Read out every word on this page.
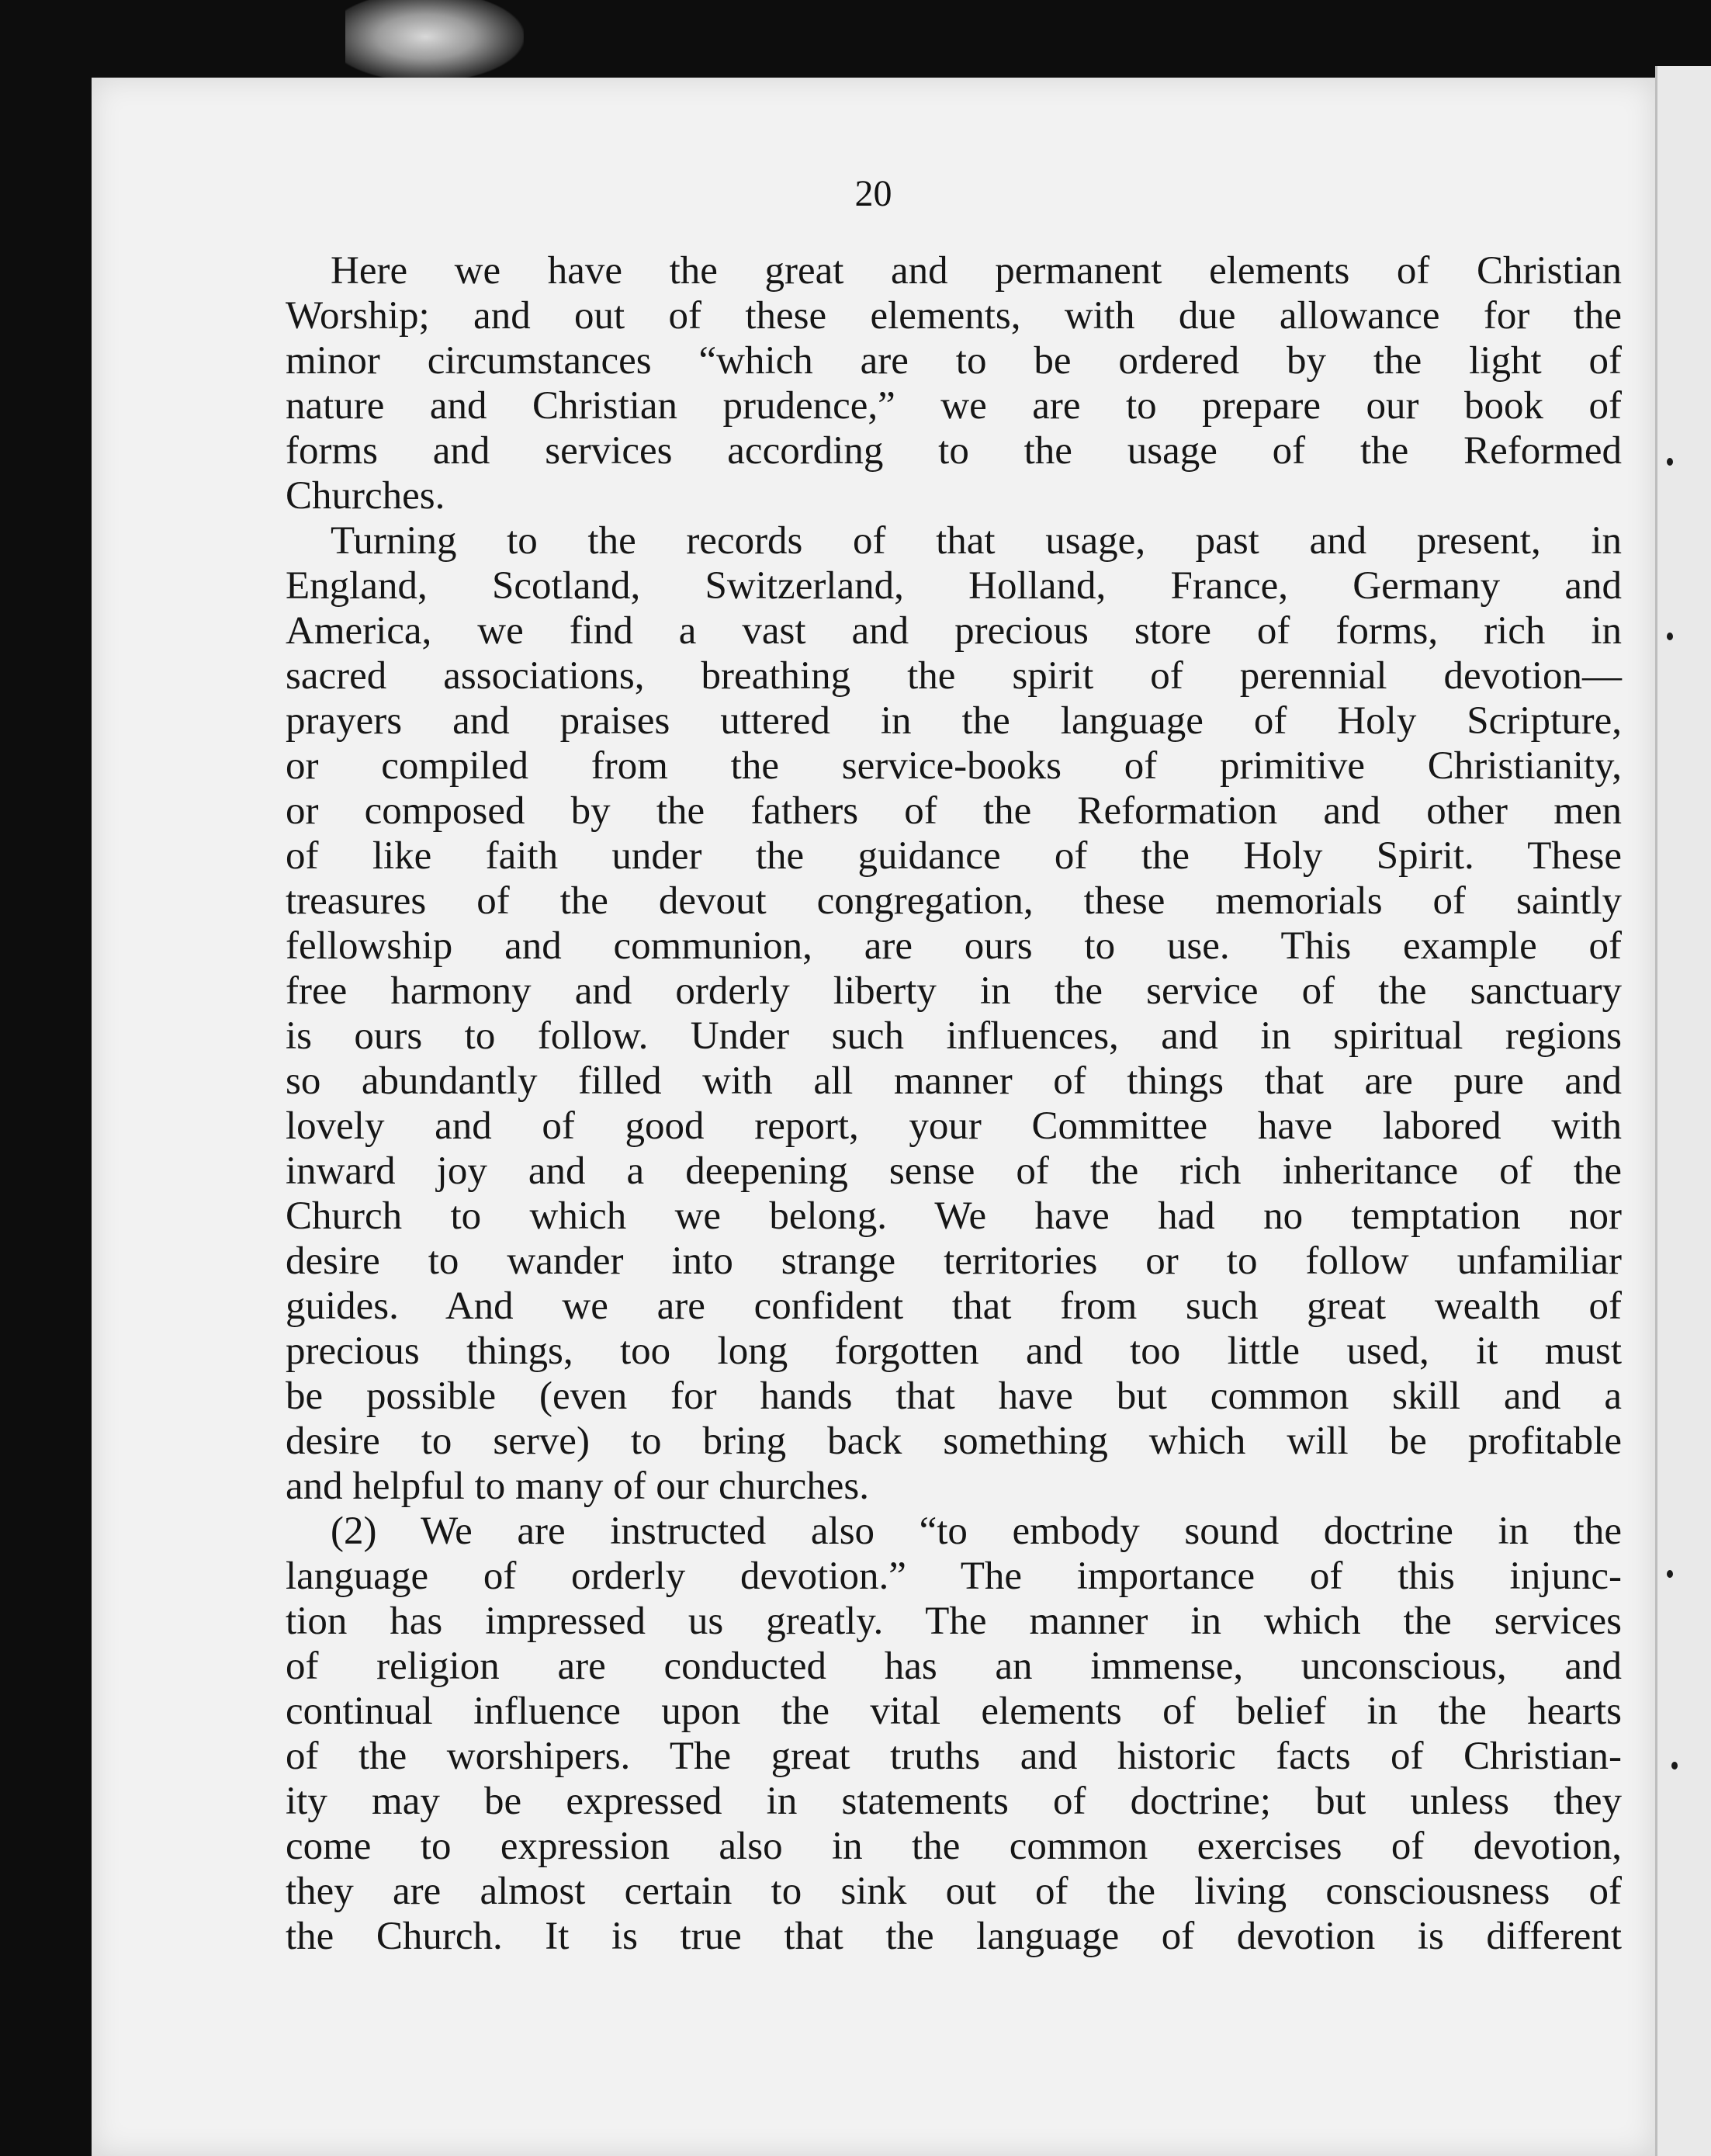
20
Here we have the great and permanent elements of Christian
Worship; and out of these elements, with due allowance for the
minor circumstances “which are to be ordered by the light of
nature and Christian prudence,” we are to prepare our book of
forms and services according to the usage of the Reformed
Churches.
Turning to the records of that usage, past and present, in
England, Scotland, Switzerland, Holland, France, Germany and
America, we find a vast and precious store of forms, rich in
sacred associations, breathing the spirit of perennial devotion—
prayers and praises uttered in the language of Holy Scripture,
or compiled from the service-books of primitive Christianity,
or composed by the fathers of the Reformation and other men
of like faith under the guidance of the Holy Spirit. These
treasures of the devout congregation, these memorials of saintly
fellowship and communion, are ours to use. This example of
free harmony and orderly liberty in the service of the sanctuary
is ours to follow. Under such influences, and in spiritual regions
so abundantly filled with all manner of things that are pure and
lovely and of good report, your Committee have labored with
inward joy and a deepening sense of the rich inheritance of the
Church to which we belong. We have had no temptation nor
desire to wander into strange territories or to follow unfamiliar
guides. And we are confident that from such great wealth of
precious things, too long forgotten and too little used, it must
be possible (even for hands that have but common skill and a
desire to serve) to bring back something which will be profitable
and helpful to many of our churches.
(2) We are instructed also “to embody sound doctrine in the
language of orderly devotion.” The importance of this injunc-
tion has impressed us greatly. The manner in which the services
of religion are conducted has an immense, unconscious, and
continual influence upon the vital elements of belief in the hearts
of the worshipers. The great truths and historic facts of Christian-
ity may be expressed in statements of doctrine; but unless they
come to expression also in the common exercises of devotion,
they are almost certain to sink out of the living consciousness of
the Church. It is true that the language of devotion is different
